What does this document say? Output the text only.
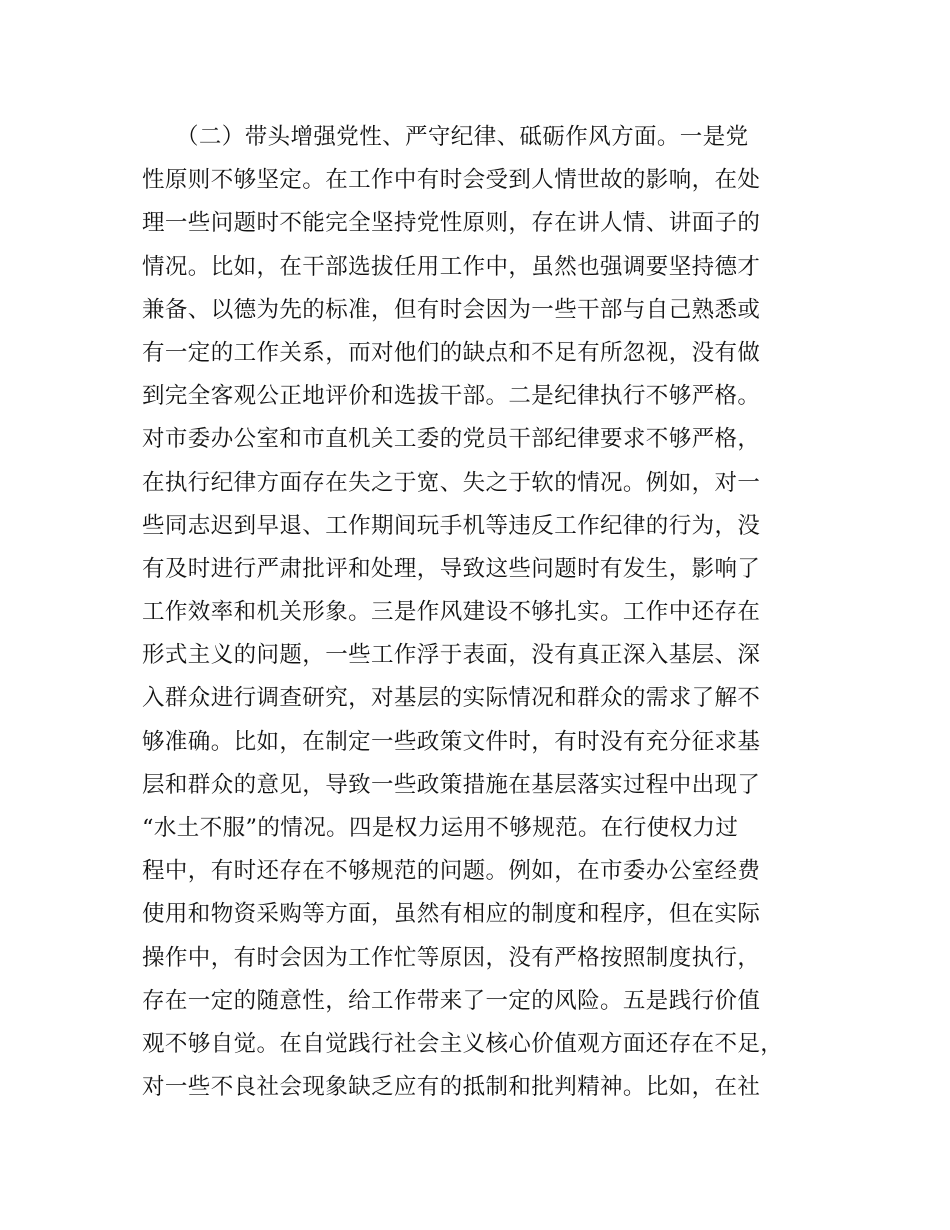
（二）带头增强党性、严守纪律、砥砺作风方面。一是党
性原则不够坚定。在工作中有时会受到人情世故的影响，在处
理一些问题时不能完全坚持党性原则，存在讲人情、讲面子的
情况。比如，在干部选拔任用工作中，虽然也强调要坚持德才
兼备、以德为先的标准，但有时会因为一些干部与自己熟悉或
有一定的工作关系，而对他们的缺点和不足有所忽视，没有做
到完全客观公正地评价和选拔干部。二是纪律执行不够严格。
对市委办公室和市直机关工委的党员干部纪律要求不够严格，
在执行纪律方面存在失之于宽、失之于软的情况。例如，对一
些同志迟到早退、工作期间玩手机等违反工作纪律的行为，没
有及时进行严肃批评和处理，导致这些问题时有发生，影响了
工作效率和机关形象。三是作风建设不够扎实。工作中还存在
形式主义的问题，一些工作浮于表面，没有真正深入基层、深
入群众进行调查研究，对基层的实际情况和群众的需求了解不
够准确。比如，在制定一些政策文件时，有时没有充分征求基
层和群众的意见，导致一些政策措施在基层落实过程中出现了
“水土不服”的情况。四是权力运用不够规范。在行使权力过
程中，有时还存在不够规范的问题。例如，在市委办公室经费
使用和物资采购等方面，虽然有相应的制度和程序，但在实际
操作中，有时会因为工作忙等原因，没有严格按照制度执行，
存在一定的随意性，给工作带来了一定的风险。五是践行价值
观不够自觉。在自觉践行社会主义核心价值观方面还存在不足，
对一些不良社会现象缺乏应有的抵制和批判精神。比如，在社
